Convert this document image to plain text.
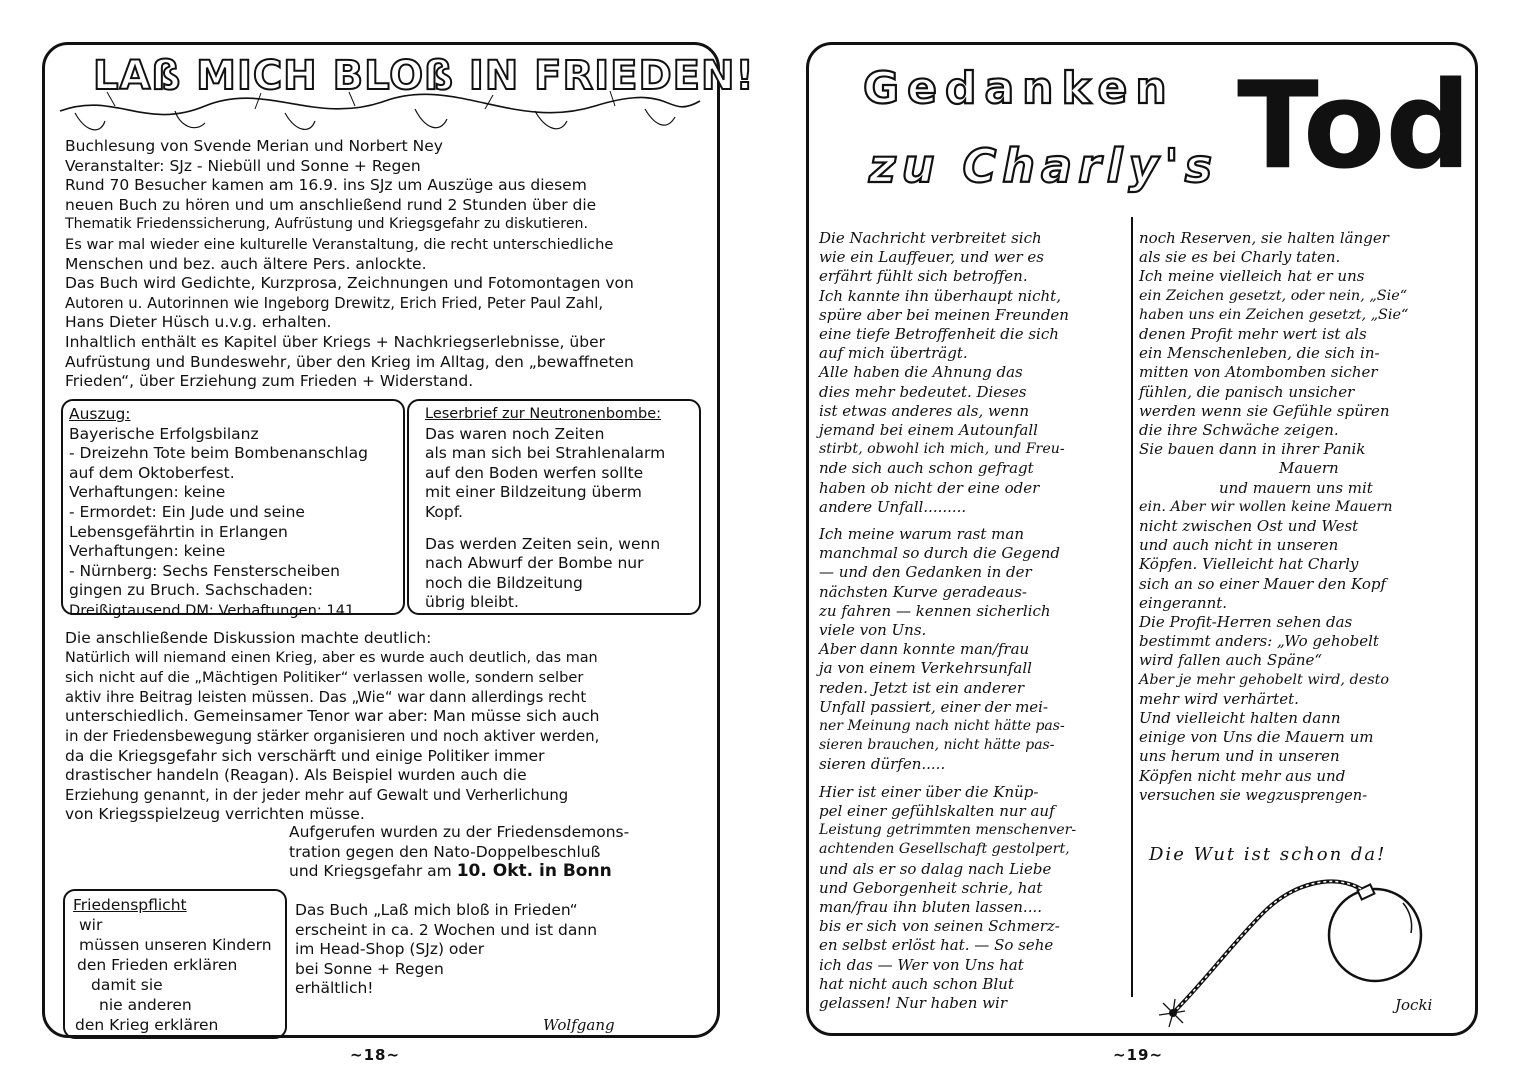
LAß MICH BLOß IN FRIEDEN!
Buchlesung von Svende Merian und Norbert Ney
Veranstalter: SJz - Niebüll und Sonne + Regen
Rund 70 Besucher kamen am 16.9. ins SJz um Auszüge aus diesem
neuen Buch zu hören und um anschließend rund 2 Stunden über die
Thematik Friedenssicherung, Aufrüstung und Kriegsgefahr zu diskutieren.
Es war mal wieder eine kulturelle Veranstaltung, die recht unterschiedliche
Menschen und bez. auch ältere Pers. anlockte.
Das Buch wird Gedichte, Kurzprosa, Zeichnungen und Fotomontagen von
Autoren u. Autorinnen wie Ingeborg Drewitz, Erich Fried, Peter Paul Zahl,
Hans Dieter Hüsch u.v.g. erhalten.
Inhaltlich enthält es Kapitel über Kriegs + Nachkriegserlebnisse, über
Aufrüstung und Bundeswehr, über den Krieg im Alltag, den „bewaffneten
Frieden“, über Erziehung zum Frieden + Widerstand.
Auszug:
Bayerische Erfolgsbilanz
- Dreizehn Tote beim Bombenanschlag
auf dem Oktoberfest.
Verhaftungen: keine
- Ermordet: Ein Jude und seine
Lebensgefährtin in Erlangen
Verhaftungen: keine
- Nürnberg: Sechs Fensterscheiben
gingen zu Bruch. Sachschaden:
Dreißigtausend DM: Verhaftungen: 141
Leserbrief zur Neutronenbombe:
Das waren noch Zeiten
als man sich bei Strahlenalarm
auf den Boden werfen sollte
mit einer Bildzeitung überm
Kopf.
Das werden Zeiten sein, wenn
nach Abwurf der Bombe nur
noch die Bildzeitung
übrig bleibt.
Die anschließende Diskussion machte deutlich:
Natürlich will niemand einen Krieg, aber es wurde auch deutlich, das man
sich nicht auf die „Mächtigen Politiker“ verlassen wolle, sondern selber
aktiv ihre Beitrag leisten müssen. Das „Wie“ war dann allerdings recht
unterschiedlich. Gemeinsamer Tenor war aber: Man müsse sich auch
in der Friedensbewegung stärker organisieren und noch aktiver werden,
da die Kriegsgefahr sich verschärft und einige Politiker immer
drastischer handeln (Reagan). Als Beispiel wurden auch die
Erziehung genannt, in der jeder mehr auf Gewalt und Verherlichung
von Kriegsspielzeug verrichten müsse.
Aufgerufen wurden zu der Friedensdemons-
tration gegen den Nato-Doppelbeschluß
und Kriegsgefahr am 10. Okt. in Bonn
Friedenspflicht
wir
müssen unseren Kindern
den Frieden erklären
damit sie
nie anderen
den Krieg erklären
Das Buch „Laß mich bloß in Frieden“
erscheint in ca. 2 Wochen und ist dann
im Head-Shop (SJz) oder
bei Sonne + Regen
erhältlich!
Wolfgang
~18~
Gedanken
zu Charly's Tod
Die Nachricht verbreitet sich
wie ein Lauffeuer, und wer es
erfährt fühlt sich betroffen.
Ich kannte ihn überhaupt nicht,
spüre aber bei meinen Freunden
eine tiefe Betroffenheit die sich
auf mich überträgt.
Alle haben die Ahnung das
dies mehr bedeutet. Dieses
ist etwas anderes als, wenn
jemand bei einem Autounfall
stirbt, obwohl ich mich, und Freu-
nde sich auch schon gefragt
haben ob nicht der eine oder
andere Unfall.........
Ich meine warum rast man
manchmal so durch die Gegend
— und den Gedanken in der
nächsten Kurve geradeaus-
zu fahren — kennen sicherlich
viele von Uns.
Aber dann konnte man/frau
ja von einem Verkehrsunfall
reden. Jetzt ist ein anderer
Unfall passiert, einer der mei-
ner Meinung nach nicht hätte pas-
sieren brauchen, nicht hätte pas-
sieren dürfen.....
Hier ist einer über die Knüp-
pel einer gefühlskalten nur auf
Leistung getrimmten menschenver-
achtenden Gesellschaft gestolpert,
und als er so dalag nach Liebe
und Geborgenheit schrie, hat
man/frau ihn bluten lassen....
bis er sich von seinen Schmerz-
en selbst erlöst hat. — So sehe
ich das — Wer von Uns hat
hat nicht auch schon Blut
gelassen! Nur haben wir
noch Reserven, sie halten länger
als sie es bei Charly taten.
Ich meine vielleich hat er uns
ein Zeichen gesetzt, oder nein, „Sie“
haben uns ein Zeichen gesetzt, „Sie“
denen Profit mehr wert ist als
ein Menschenleben, die sich in-
mitten von Atombomben sicher
fühlen, die panisch unsicher
werden wenn sie Gefühle spüren
die ihre Schwäche zeigen.
Sie bauen dann in ihrer Panik
Mauern
und mauern uns mit
ein. Aber wir wollen keine Mauern
nicht zwischen Ost und West
und auch nicht in unseren
Köpfen. Vielleicht hat Charly
sich an so einer Mauer den Kopf
eingerannt.
Die Profit-Herren sehen das
bestimmt anders: „Wo gehobelt
wird fallen auch Späne“
Aber je mehr gehobelt wird, desto
mehr wird verhärtet.
Und vielleicht halten dann
einige von Uns die Mauern um
uns herum und in unseren
Köpfen nicht mehr aus und
versuchen sie wegzusprengen-
Die Wut ist schon da!
Jocki
~19~
